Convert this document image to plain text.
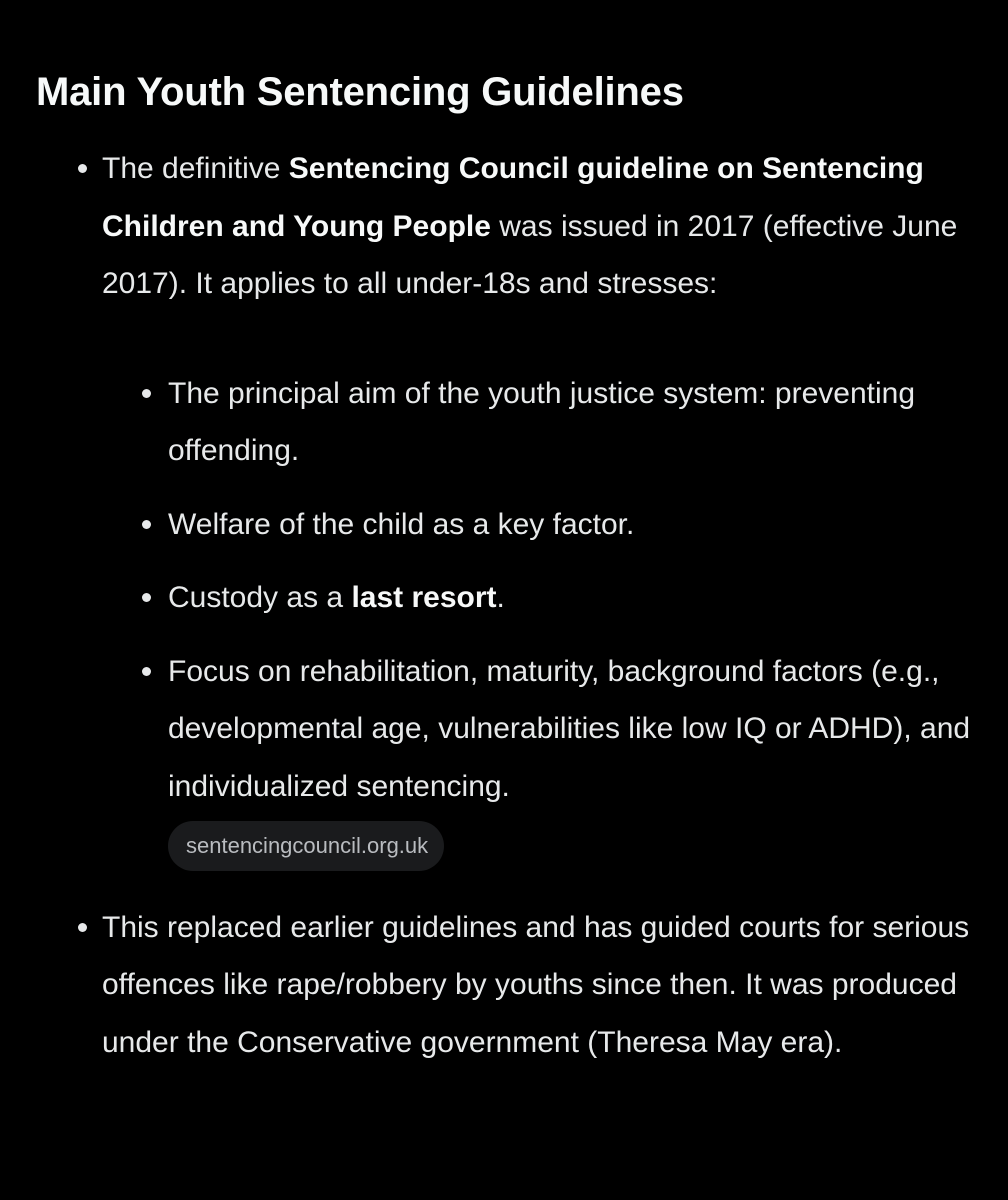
Main Youth Sentencing Guidelines
The definitive Sentencing Council guideline on Sentencing Children and Young People was issued in 2017 (effective June 2017). It applies to all under-18s and stresses:
The principal aim of the youth justice system: preventing offending.
Welfare of the child as a key factor.
Custody as a last resort.
Focus on rehabilitation, maturity, background factors (e.g., developmental age, vulnerabilities like low IQ or ADHD), and individualized sentencing.
sentencingcouncil.org.uk
This replaced earlier guidelines and has guided courts for serious offences like rape/robbery by youths since then. It was produced under the Conservative government (Theresa May era).
